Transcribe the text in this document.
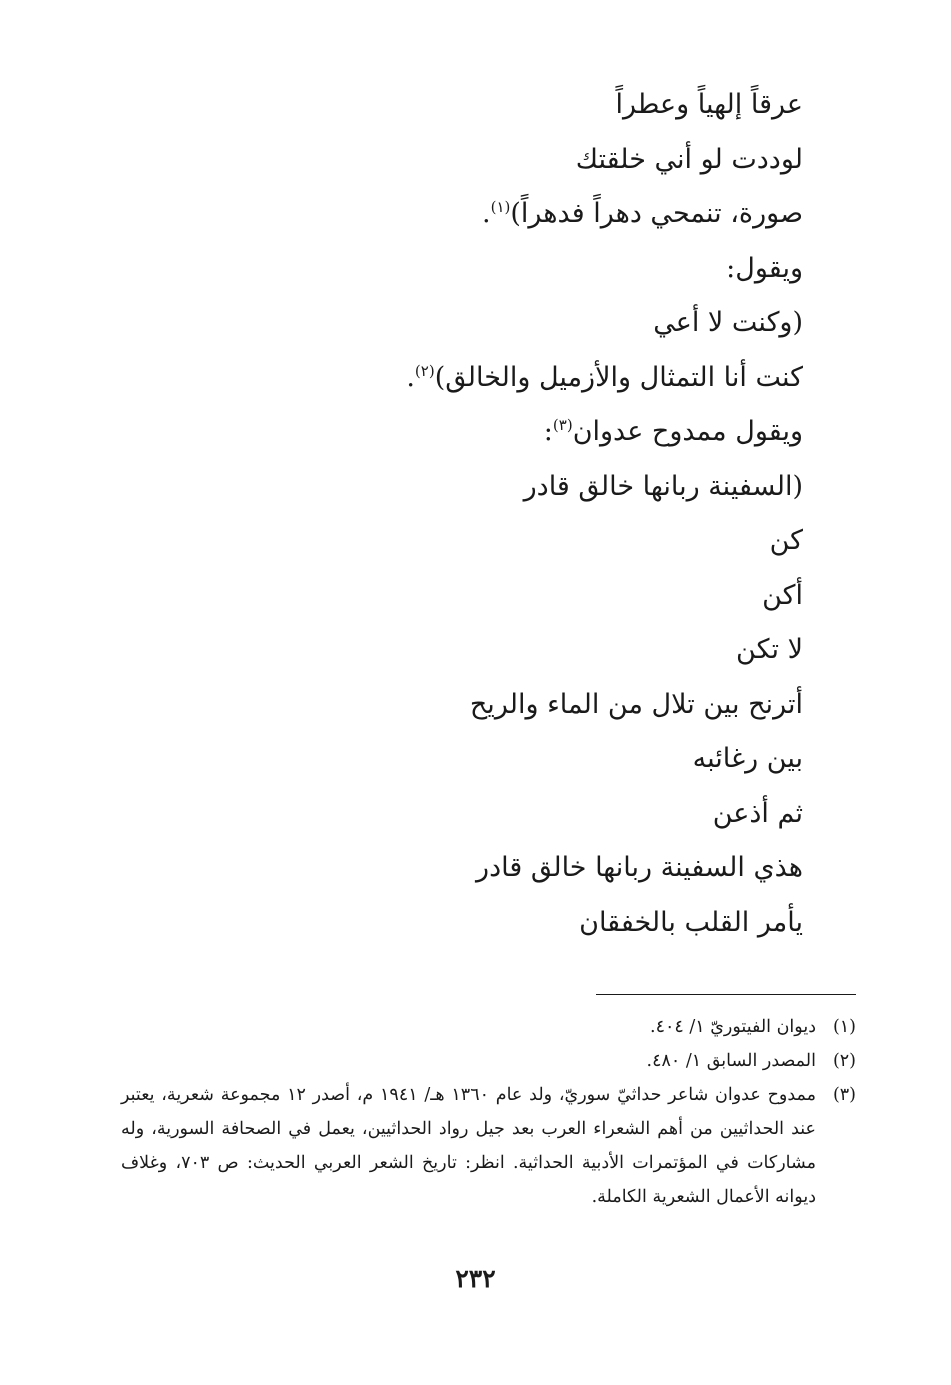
عرقاً إلهياً وعطراً
لوددت لو أني خلقتك
صورة، تنمحي دهراً فدهراً)$^{(١)}$.
ويقول:
(وكنت لا أعي
كنت أنا التمثال والأزميل والخالق)$^{(٢)}$.
ويقول ممدوح عدوان$^{(٣)}$:
(السفينة ربانها خالق قادر
كن
أكن
لا تكن
أترنح بين تلال من الماء والريح
بين رغائبه
ثم أذعن
هذي السفينة ربانها خالق قادر
يأمر القلب بالخفقان
(١)
ديوان الفيتوريّ ١/ ٤٠٤.
(٢)
المصدر السابق ١/ ٤٨٠.
(٣)
ممدوح عدوان شاعر حداثيّ سوريّ، ولد عام ١٣٦٠ هـ/ ١٩٤١ م، أصدر ١٢ مجموعة شعرية، يعتبر عند الحداثيين من أهم الشعراء العرب بعد جيل رواد الحداثيين، يعمل في الصحافة السورية، وله مشاركات في المؤتمرات الأدبية الحداثية. انظر: تاريخ الشعر العربي الحديث: ص ٧٠٣، وغلاف ديوانه الأعمال الشعرية الكاملة.
٢٣٢
